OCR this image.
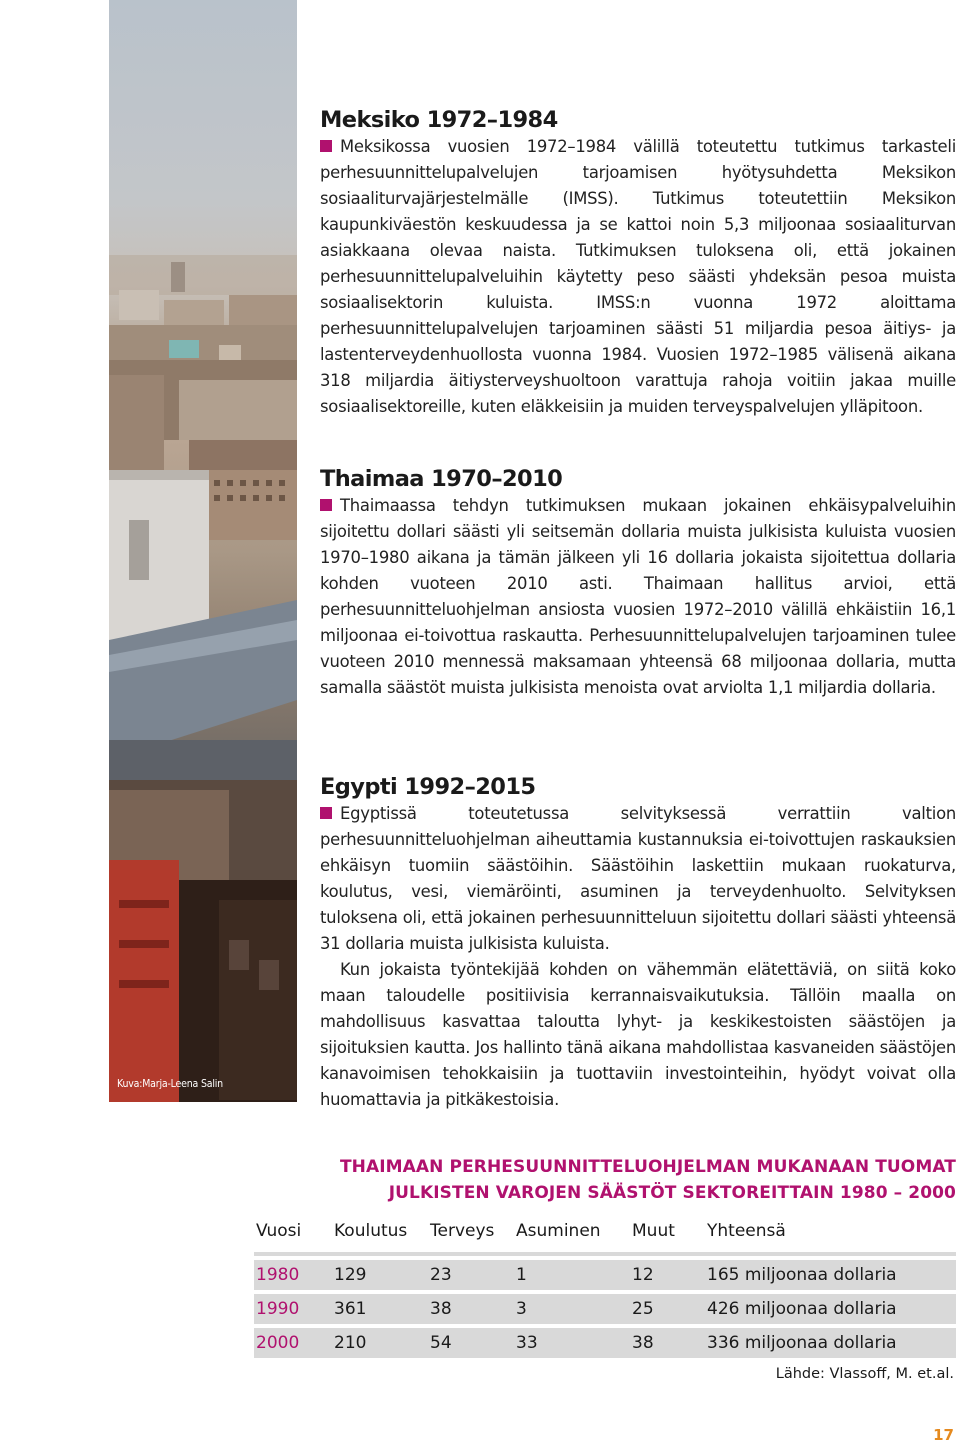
Kuva:Marja-Leena Salin
Meksiko 1972–1984

Meksikossa vuosien 1972–1984 välillä toteutettu tutkimus tarkasteli perhesuunnittelupalvelujen tarjoamisen hyötysuhdetta Meksikon sosiaaliturvajärjestelmälle (IMSS). Tutkimus toteutettiin Meksikon kaupunkiväestön keskuudessa ja se kattoi noin 5,3 miljoonaa sosiaaliturvan asiakkaana olevaa naista. Tutkimuksen tuloksena oli, että jokainen perhesuunnittelupalveluihin käytetty peso säästi yhdeksän pesoa muista sosiaalisektorin kuluista. IMSS:n vuonna 1972 aloittama perhesuunnittelupalvelujen tarjoaminen säästi 51 miljardia pesoa äitiys- ja lastenterveydenhuollosta vuonna 1984. Vuosien 1972–1985 välisenä aikana 318 miljardia äitiysterveyshuoltoon varattuja rahoja voitiin jakaa muille sosiaalisektoreille, kuten eläkkeisiin ja muiden terveyspalvelujen ylläpitoon.

Thaimaa 1970–2010

Thaimaassa tehdyn tutkimuksen mukaan jokainen ehkäisypalveluihin sijoitettu dollari säästi yli seitsemän dollaria muista julkisista kuluista vuosien 1970–1980 aikana ja tämän jälkeen yli 16 dollaria jokaista sijoitettua dollaria kohden vuoteen 2010 asti. Thaimaan hallitus arvioi, että perhesuunnitteluohjelman ansiosta vuosien 1972–2010 välillä ehkäistiin 16,1 miljoonaa ei-toivottua raskautta. Perhesuunnittelupalvelujen tarjoaminen tulee vuoteen 2010 mennessä maksamaan yhteensä 68 miljoonaa dollaria, mutta samalla säästöt muista julkisista menoista ovat arviolta 1,1 miljardia dollaria.

Egypti 1992–2015

Egyptissä toteutetussa selvityksessä verrattiin valtion perhesuunnitteluohjelman aiheuttamia kustannuksia ei-toivottujen raskauksien ehkäisyn tuomiin säästöihin. Säästöihin laskettiin mukaan ruokaturva, koulutus, vesi, viemäröinti, asuminen ja terveydenhuolto. Selvityksen tuloksena oli, että jokainen perhesuunnitteluun sijoitettu dollari säästi yhteensä 31 dollaria muista julkisista kuluista.

Kun jokaista työntekijää kohden on vähemmän elätettäviä, on siitä koko maan taloudelle positiivisia kerrannaisvaikutuksia. Tällöin maalla on mahdollisuus kasvattaa taloutta lyhyt- ja keskikestoisten säästöjen ja sijoituksien kautta. Jos hallinto tänä aikana mahdollistaa kasvaneiden säästöjen kanavoimisen tehokkaisiin ja tuottaviin investointeihin, hyödyt voivat olla huomattavia ja pitkäkestoisia.

THAIMAAN PERHESUUNNITTELUOHJELMAN MUKANAAN TUOMAT
JULKISTEN VAROJEN SÄÄSTÖT SEKTOREITTAIN 1980 – 2000
Vuosi	Koulutus	Terveys	Asuminen	Muut	Yhteensä

1980	129	23	1	12	165 miljoonaa dollaria
1990	361	38	3	25	426 miljoonaa dollaria
2000	210	54	33	38	336 miljoonaa dollaria
Lähde: Vlassoff, M. et.al.
17
